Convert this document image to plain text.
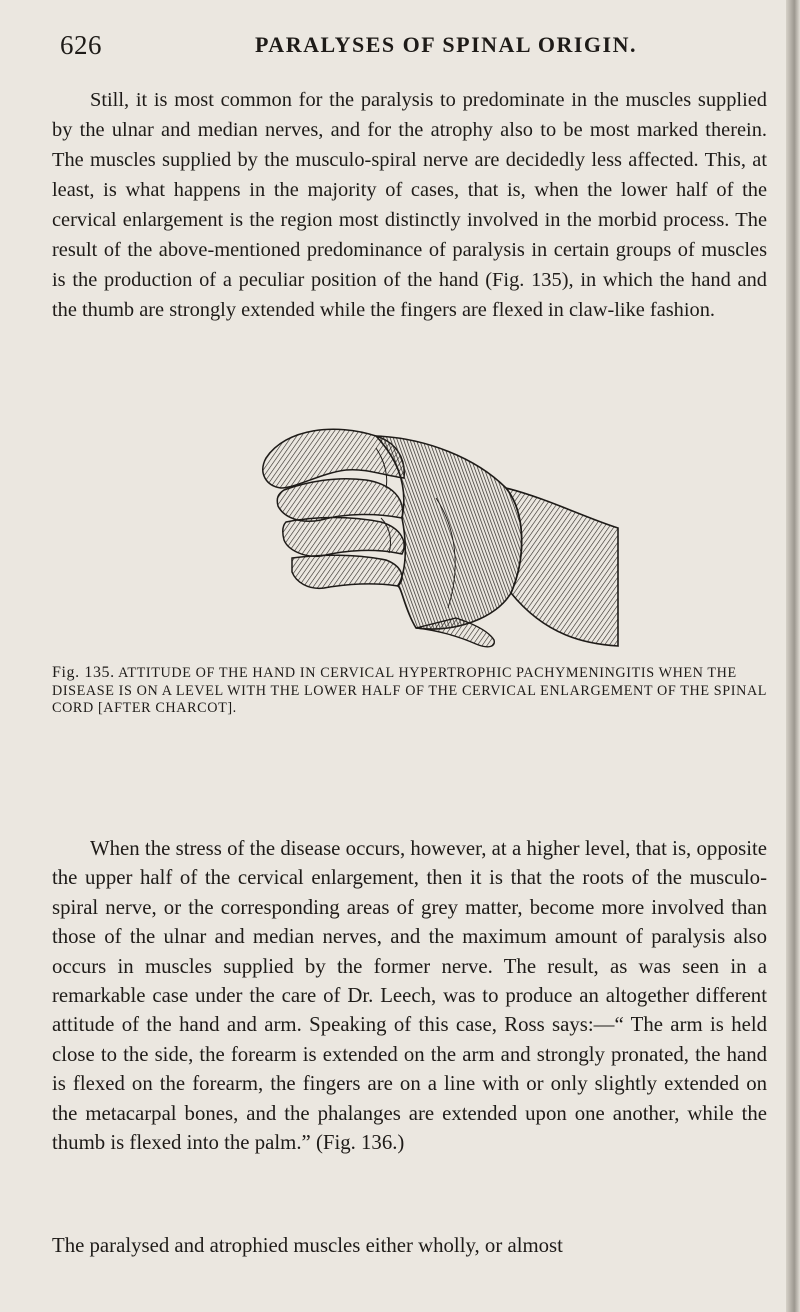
626	PARALYSES OF SPINAL ORIGIN.

Still, it is most common for the paralysis to predominate in the muscles supplied by the ulnar and median nerves, and for the atrophy also to be most marked therein. The muscles supplied by the musculo-spiral nerve are decidedly less affected. This, at least, is what happens in the majority of cases, that is, when the lower half of the cervical enlargement is the region most distinctly involved in the morbid process. The result of the above-mentioned predominance of paralysis in certain groups of muscles is the production of a peculiar position of the hand (Fig. 135), in which the hand and the thumb are strongly extended while the fingers are flexed in claw-like fashion.

Fig. 135. ATTITUDE OF THE HAND IN CERVICAL HYPERTROPHIC PACHYMENINGITIS WHEN THE DISEASE IS ON A LEVEL WITH THE LOWER HALF OF THE CERVICAL ENLARGEMENT OF THE SPINAL CORD [AFTER CHARCOT].

When the stress of the disease occurs, however, at a higher level, that is, opposite the upper half of the cervical enlargement, then it is that the roots of the musculo-spiral nerve, or the corresponding areas of grey matter, become more involved than those of the ulnar and median nerves, and the maximum amount of paralysis also occurs in muscles supplied by the former nerve. The result, as was seen in a remarkable case under the care of Dr. Leech, was to produce an altogether different attitude of the hand and arm. Speaking of this case, Ross says:—“ The arm is held close to the side, the forearm is extended on the arm and strongly pronated, the hand is flexed on the forearm, the fingers are on a line with or only slightly extended on the metacarpal bones, and the phalanges are extended upon one another, while the thumb is flexed into the palm.” (Fig. 136.)

The paralysed and atrophied muscles either wholly, or almost
